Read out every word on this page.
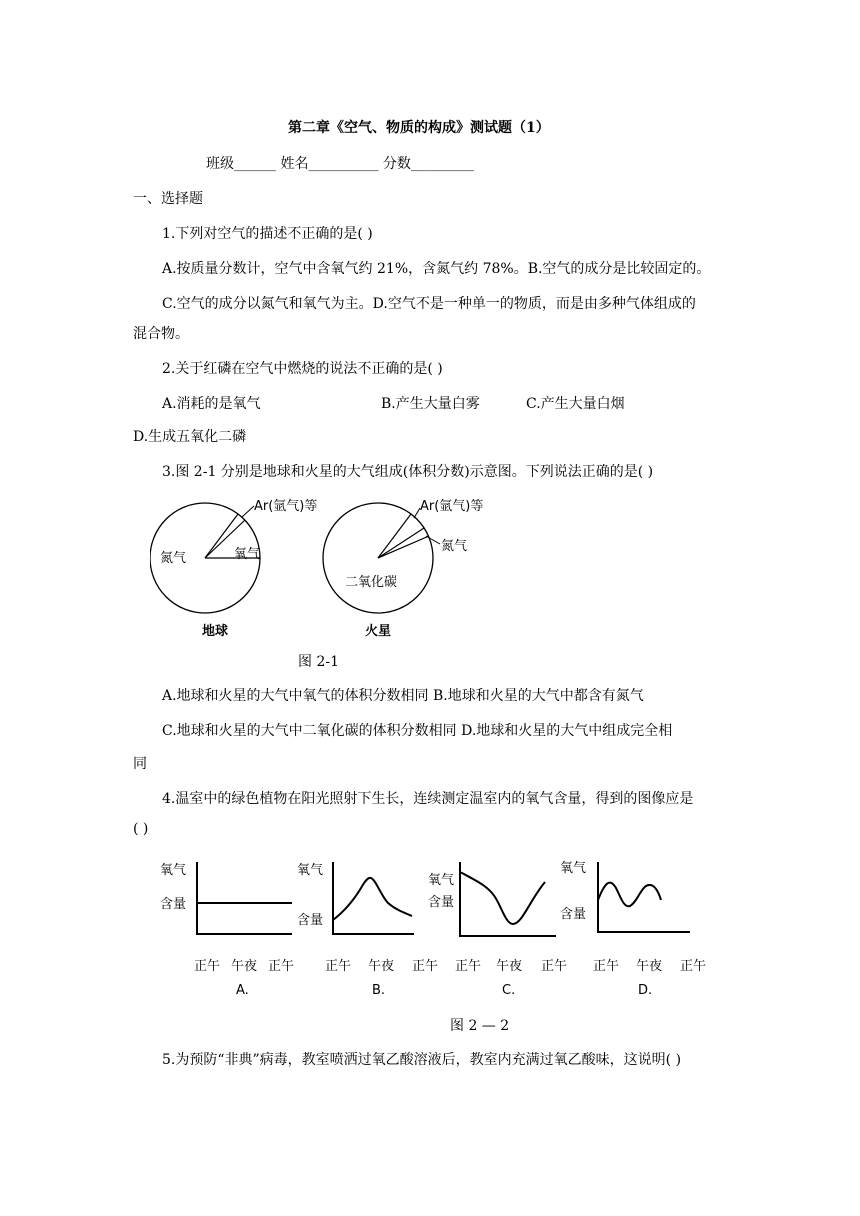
第二章《空气、物质的构成》测试题（1）
班级______ 姓名__________ 分数_________
一、选择题
1.下列对空气的描述不正确的是( )
A.按质量分数计，空气中含氧气约 21%，含氮气约 78%。B.空气的成分是比较固定的。
C.空气的成分以氮气和氧气为主。D.空气不是一种单一的物质，而是由多种气体组成的
混合物。
2.关于红磷在空气中燃烧的说法不正确的是( )
A.消耗的是氧气	B.产生大量白雾	C.产生大量白烟
D.生成五氧化二磷
3.图 2-1 分别是地球和火星的大气组成(体积分数)示意图。下列说法正确的是( )
Ar(氩气)等
氮气	氧气
地球
Ar(氩气)等
氮气
二氧化碳
火星
图 2-1
A.地球和火星的大气中氧气的体积分数相同 B.地球和火星的大气中都含有氮气
C.地球和火星的大气中二氧化碳的体积分数相同 D.地球和火星的大气中组成完全相
同
4.温室中的绿色植物在阳光照射下生长，连续测定温室内的氧气含量，得到的图像应是
( )
氧气
含量
正午 午夜 正午
A.
氧气
含量
正午 午夜 正午
B.
氧气
含量
正午 午夜 正午
C.
氧气
含量
正午 午夜 正午
D.
图 2 — 2
5.为预防“非典”病毒，教室喷洒过氧乙酸溶液后，教室内充满过氧乙酸味，这说明( )
